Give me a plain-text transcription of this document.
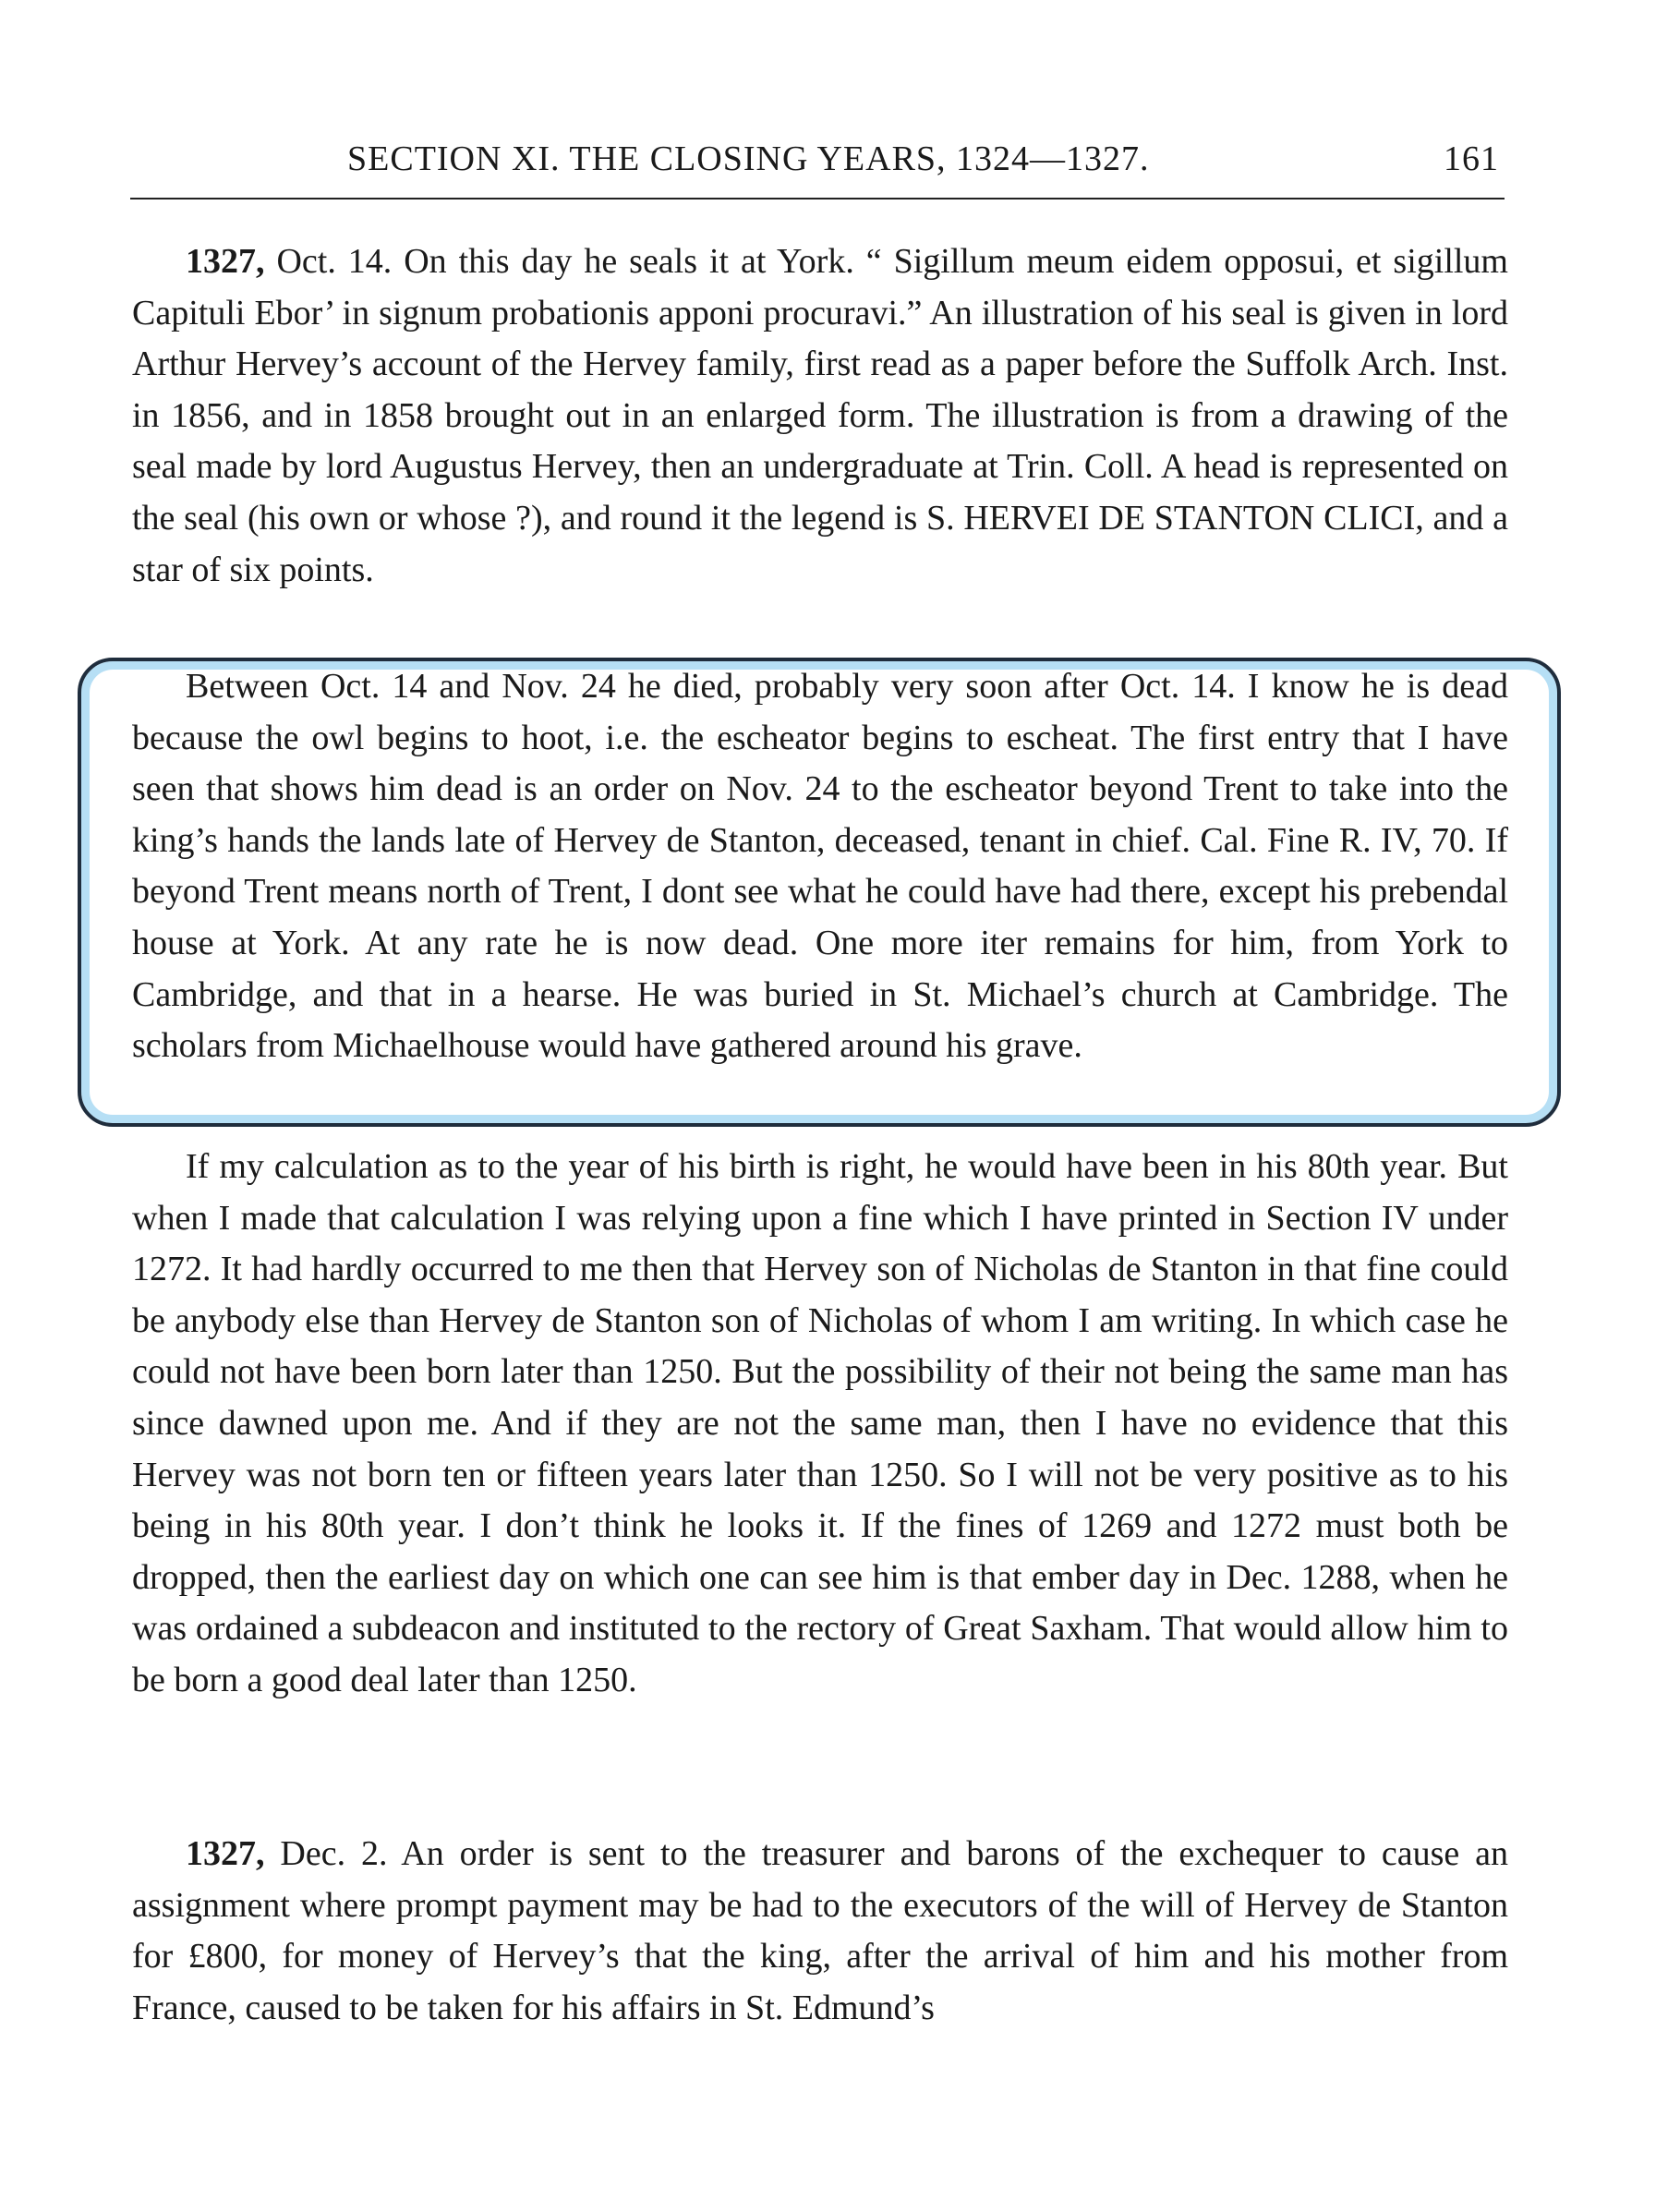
SECTION XI. THE CLOSING YEARS, 1324—1327.	161

1327, Oct. 14. On this day he seals it at York. “ Sigillum meum eidem opposui, et sigillum Capituli Ebor’ in signum probationis apponi procuravi.” An illustration of his seal is given in lord Arthur Hervey’s account of the Hervey family, first read as a paper before the Suffolk Arch. Inst. in 1856, and in 1858 brought out in an enlarged form. The illustration is from a drawing of the seal made by lord Augustus Hervey, then an undergraduate at Trin. Coll. A head is represented on the seal (his own or whose ?), and round it the legend is S. HERVEI DE STANTON CLICI, and a star of six points.

Between Oct. 14 and Nov. 24 he died, probably very soon after Oct. 14. I know he is dead because the owl begins to hoot, i.e. the escheator begins to escheat. The first entry that I have seen that shows him dead is an order on Nov. 24 to the escheator beyond Trent to take into the king’s hands the lands late of Hervey de Stanton, deceased, tenant in chief. Cal. Fine R. IV, 70. If beyond Trent means north of Trent, I dont see what he could have had there, except his prebendal house at York. At any rate he is now dead. One more iter remains for him, from York to Cambridge, and that in a hearse. He was buried in St. Michael’s church at Cambridge. The scholars from Michaelhouse would have gathered around his grave.

If my calculation as to the year of his birth is right, he would have been in his 80th year. But when I made that calculation I was relying upon a fine which I have printed in Section IV under 1272. It had hardly occurred to me then that Hervey son of Nicholas de Stanton in that fine could be anybody else than Hervey de Stanton son of Nicholas of whom I am writing. In which case he could not have been born later than 1250. But the possibility of their not being the same man has since dawned upon me. And if they are not the same man, then I have no evidence that this Hervey was not born ten or fifteen years later than 1250. So I will not be very positive as to his being in his 80th year. I don’t think he looks it. If the fines of 1269 and 1272 must both be dropped, then the earliest day on which one can see him is that ember day in Dec. 1288, when he was ordained a subdeacon and instituted to the rectory of Great Saxham. That would allow him to be born a good deal later than 1250.

1327, Dec. 2. An order is sent to the treasurer and barons of the exchequer to cause an assignment where prompt payment may be had to the executors of the will of Hervey de Stanton for £800, for money of Hervey’s that the king, after the arrival of him and his mother from France, caused to be taken for his affairs in St. Edmund’s
